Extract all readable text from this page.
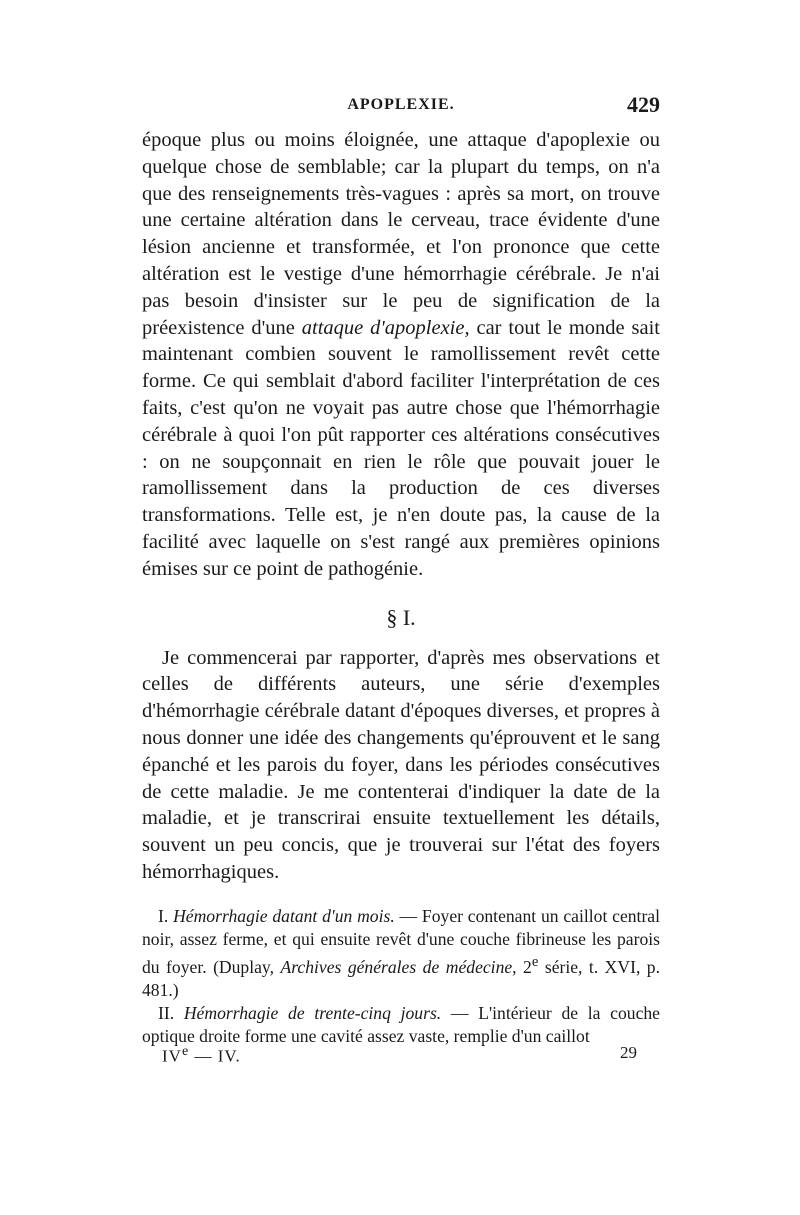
APOPLEXIE.	429

époque plus ou moins éloignée, une attaque d'apoplexie ou quelque chose de semblable; car la plupart du temps, on n'a que des renseignements très-vagues : après sa mort, on trouve une certaine altération dans le cerveau, trace évidente d'une lésion ancienne et transformée, et l'on prononce que cette altération est le vestige d'une hémorrhagie cérébrale. Je n'ai pas besoin d'insister sur le peu de signification de la préexistence d'une attaque d'apoplexie, car tout le monde sait maintenant combien souvent le ramollissement revêt cette forme. Ce qui semblait d'abord faciliter l'interprétation de ces faits, c'est qu'on ne voyait pas autre chose que l'hémorrhagie cérébrale à quoi l'on pût rapporter ces altérations consécutives : on ne soupçonnait en rien le rôle que pouvait jouer le ramollissement dans la production de ces diverses transformations. Telle est, je n'en doute pas, la cause de la facilité avec laquelle on s'est rangé aux premières opinions émises sur ce point de pathogénie.

§ I.

Je commencerai par rapporter, d'après mes observations et celles de différents auteurs, une série d'exemples d'hémorrhagie cérébrale datant d'époques diverses, et propres à nous donner une idée des changements qu'éprouvent et le sang épanché et les parois du foyer, dans les périodes consécutives de cette maladie. Je me contenterai d'indiquer la date de la maladie, et je transcrirai ensuite textuellement les détails, souvent un peu concis, que je trouverai sur l'état des foyers hémorrhagiques.

I. Hémorrhagie datant d'un mois. — Foyer contenant un caillot central noir, assez ferme, et qui ensuite revêt d'une couche fibrineuse les parois du foyer. (Duplay, Archives générales de médecine, 2e série, t. XVI, p. 481.)

II. Hémorrhagie de trente-cinq jours. — L'intérieur de la couche optique droite forme une cavité assez vaste, remplie d'un caillot

IVe — IV.	29
